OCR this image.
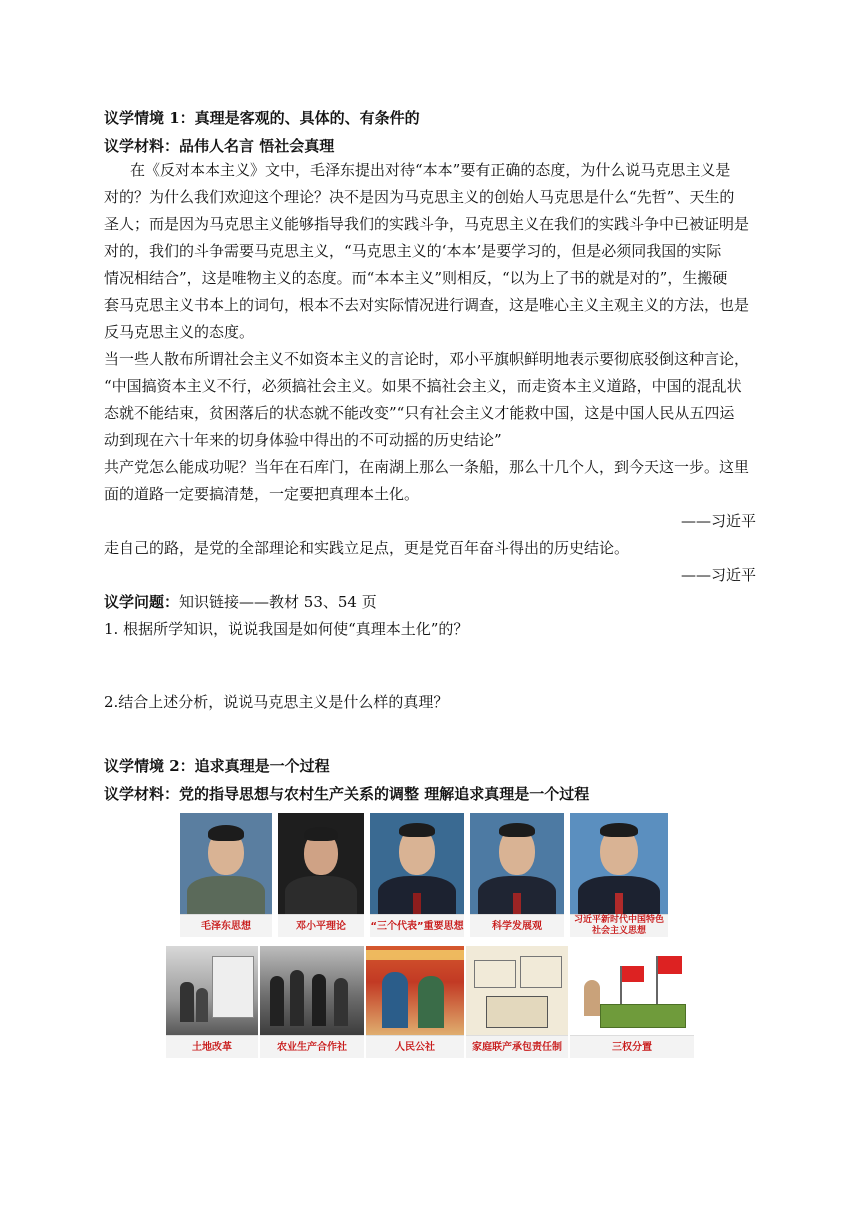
议学情境 1：真理是客观的、具体的、有条件的
议学材料：品伟人名言 悟社会真理
在《反对本本主义》文中，毛泽东提出对待“本本”要有正确的态度，为什么说马克思主义是
对的？为什么我们欢迎这个理论？决不是因为马克思主义的创始人马克思是什么“先哲”、天生的
圣人；而是因为马克思主义能够指导我们的实践斗争，马克思主义在我们的实践斗争中已被证明是
对的，我们的斗争需要马克思主义，“马克思主义的‘本本’是要学习的，但是必须同我国的实际
情况相结合”，这是唯物主义的态度。而“本本主义”则相反，“以为上了书的就是对的”，生搬硬
套马克思主义书本上的词句，根本不去对实际情况进行调查，这是唯心主义主观主义的方法，也是
反马克思主义的态度。
当一些人散布所谓社会主义不如资本主义的言论时，邓小平旗帜鲜明地表示要彻底驳倒这种言论，
“中国搞资本主义不行，必须搞社会主义。如果不搞社会主义，而走资本主义道路，中国的混乱状
态就不能结束，贫困落后的状态就不能改变”“只有社会主义才能救中国，这是中国人民从五四运
动到现在六十年来的切身体验中得出的不可动摇的历史结论”
共产党怎么能成功呢？当年在石库门，在南湖上那么一条船，那么十几个人，到今天这一步。这里
面的道路一定要搞清楚，一定要把真理本土化。
——习近平
走自己的路，是党的全部理论和实践立足点，更是党百年奋斗得出的历史结论。
——习近平
议学问题：知识链接——教材 53、54 页
1. 根据所学知识，说说我国是如何使“真理本土化”的？
2.结合上述分析，说说马克思主义是什么样的真理？
议学情境 2：追求真理是一个过程
议学材料：党的指导思想与农村生产关系的调整 理解追求真理是一个过程
毛泽东思想	邓小平理论	“三个代表”重要思想	科学发展观
习近平新时代中国特色社会主义思想
土地改革	农业生产合作社	人民公社	家庭联产承包责任制	三权分置
